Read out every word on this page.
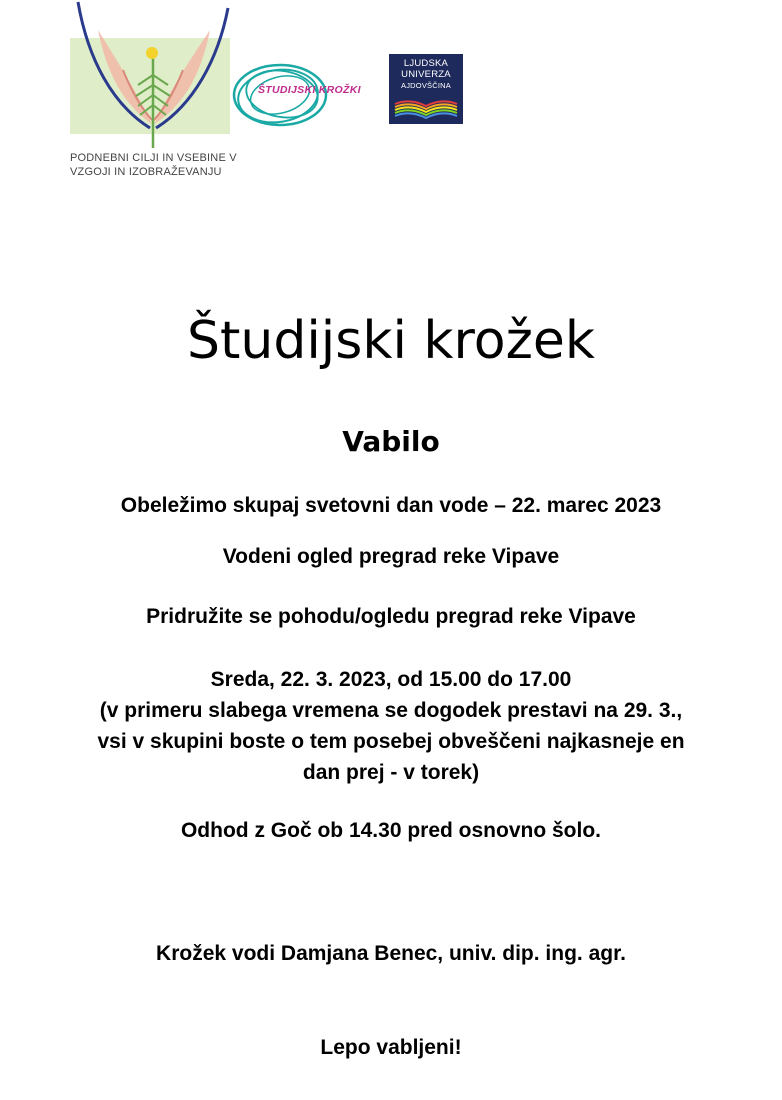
PODNEBNI CILJI IN VSEBINE V
VZGOJI IN IZOBRAŽEVANJU
ŠTUDIJSKI KROŽKI
LJUDSKA
UNIVERZA
AJDOVŠČINA
Študijski krožek
Vabilo
Obeležimo skupaj svetovni dan vode – 22. marec 2023
Vodeni ogled pregrad reke Vipave
Pridružite se pohodu/ogledu pregrad reke Vipave
Sreda, 22. 3. 2023, od 15.00 do 17.00
(v primeru slabega vremena se dogodek prestavi na 29. 3.,
vsi v skupini boste o tem posebej obveščeni najkasneje en
dan prej - v torek)
Odhod z Goč ob 14.30 pred osnovno šolo.
Krožek vodi Damjana Benec, univ. dip. ing. agr.
Lepo vabljeni!
